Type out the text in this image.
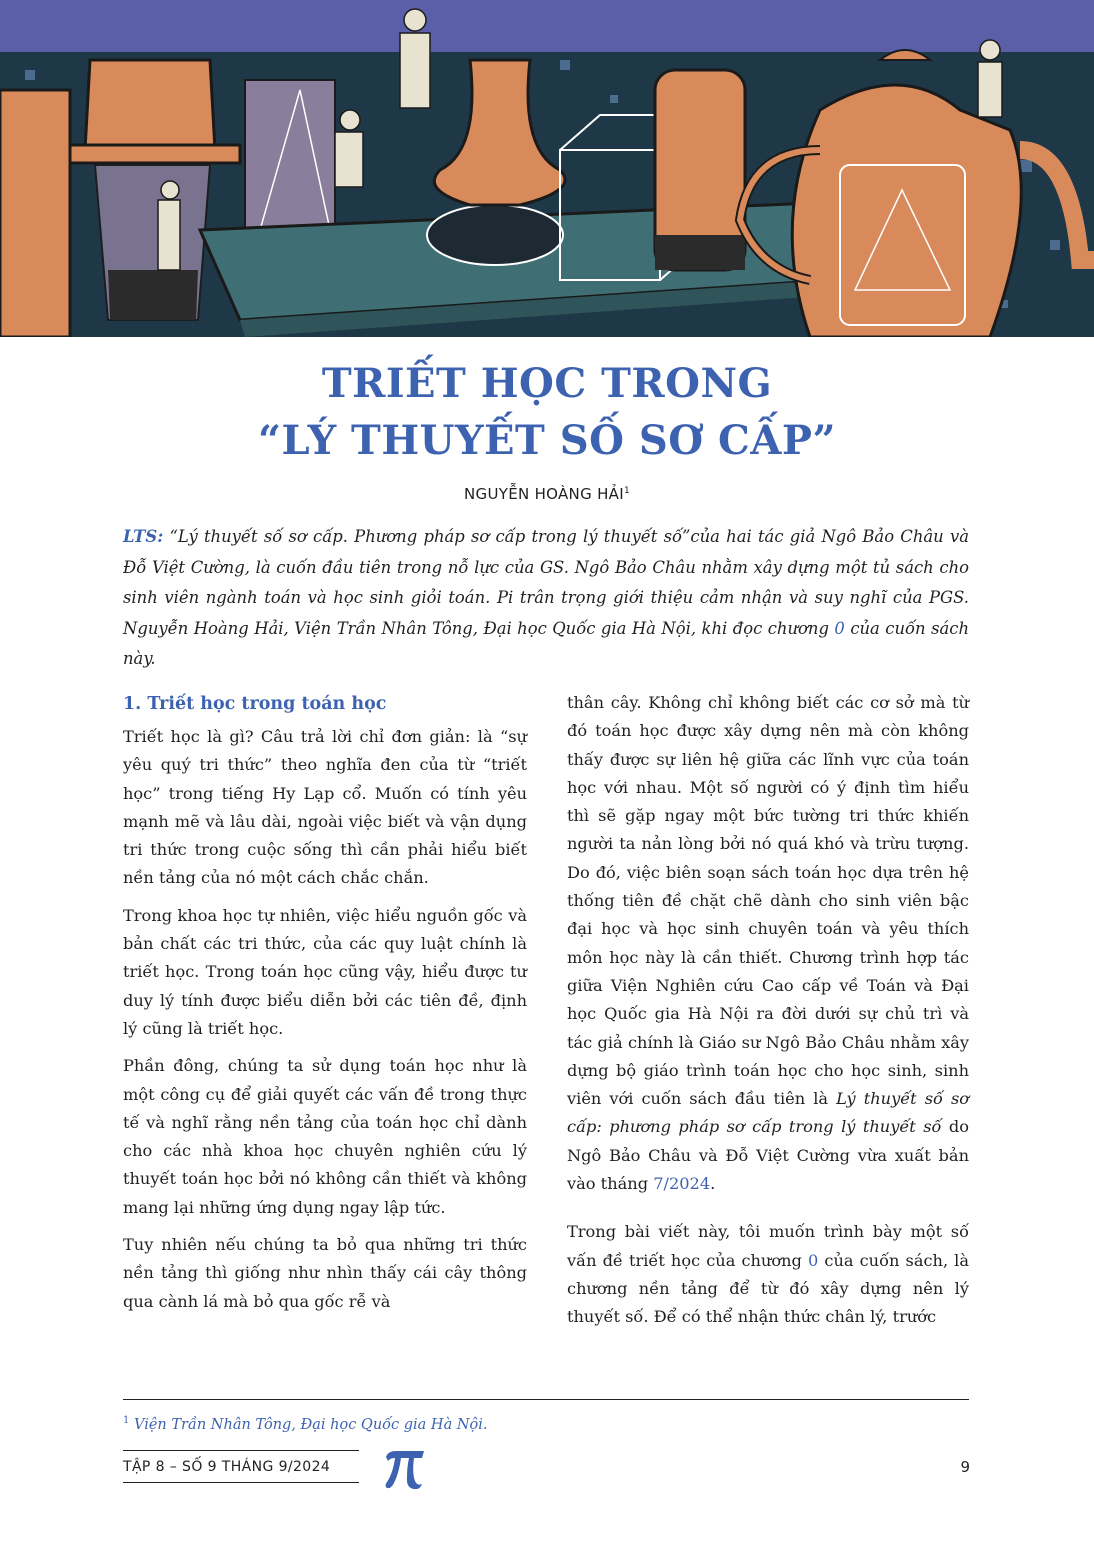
TRIẾT HỌC TRONG
“LÝ THUYẾT SỐ SƠ CẤP”
NGUYỄN HOÀNG HẢI$^1$
LTS: “Lý thuyết số sơ cấp. Phương pháp sơ cấp trong lý thuyết số”của hai tác giả Ngô Bảo Châu và Đỗ Việt Cường, là cuốn đầu tiên trong nỗ lực của GS. Ngô Bảo Châu nhằm xây dựng một tủ sách cho sinh viên ngành toán và học sinh giỏi toán. Pi trân trọng giới thiệu cảm nhận và suy nghĩ của PGS. Nguyễn Hoàng Hải, Viện Trần Nhân Tông, Đại học Quốc gia Hà Nội, khi đọc chương 0 của cuốn sách này.
1. Triết học trong toán học

Triết học là gì? Câu trả lời chỉ đơn giản: là “sự yêu quý tri thức” theo nghĩa đen của từ “triết học” trong tiếng Hy Lạp cổ. Muốn có tính yêu mạnh mẽ và lâu dài, ngoài việc biết và vận dụng tri thức trong cuộc sống thì cần phải hiểu biết nền tảng của nó một cách chắc chắn.

Trong khoa học tự nhiên, việc hiểu nguồn gốc và bản chất các tri thức, của các quy luật chính là triết học. Trong toán học cũng vậy, hiểu được tư duy lý tính được biểu diễn bởi các tiên đề, định lý cũng là triết học.

Phần đông, chúng ta sử dụng toán học như là một công cụ để giải quyết các vấn đề trong thực tế và nghĩ rằng nền tảng của toán học chỉ dành cho các nhà khoa học chuyên nghiên cứu lý thuyết toán học bởi nó không cần thiết và không mang lại những ứng dụng ngay lập tức.

Tuy nhiên nếu chúng ta bỏ qua những tri thức nền tảng thì giống như nhìn thấy cái cây thông qua cành lá mà bỏ qua gốc rễ và

thân cây. Không chỉ không biết các cơ sở mà từ đó toán học được xây dựng nên mà còn không thấy được sự liên hệ giữa các lĩnh vực của toán học với nhau. Một số người có ý định tìm hiểu thì sẽ gặp ngay một bức tường tri thức khiến người ta nản lòng bởi nó quá khó và trừu tượng. Do đó, việc biên soạn sách toán học dựa trên hệ thống tiên đề chặt chẽ dành cho sinh viên bậc đại học và học sinh chuyên toán và yêu thích môn học này là cần thiết. Chương trình hợp tác giữa Viện Nghiên cứu Cao cấp về Toán và Đại học Quốc gia Hà Nội ra đời dưới sự chủ trì và tác giả chính là Giáo sư Ngô Bảo Châu nhằm xây dựng bộ giáo trình toán học cho học sinh, sinh viên với cuốn sách đầu tiên là Lý thuyết số sơ cấp: phương pháp sơ cấp trong lý thuyết số do Ngô Bảo Châu và Đỗ Việt Cường vừa xuất bản vào tháng 7/2024.

Trong bài viết này, tôi muốn trình bày một số vấn đề triết học của chương 0 của cuốn sách, là chương nền tảng để từ đó xây dựng nên lý thuyết số. Để có thể nhận thức chân lý, trước

$^1$ Viện Trần Nhân Tông, Đại học Quốc gia Hà Nội.
TẬP 8 – SỐ 9 THÁNG 9/2024	9
